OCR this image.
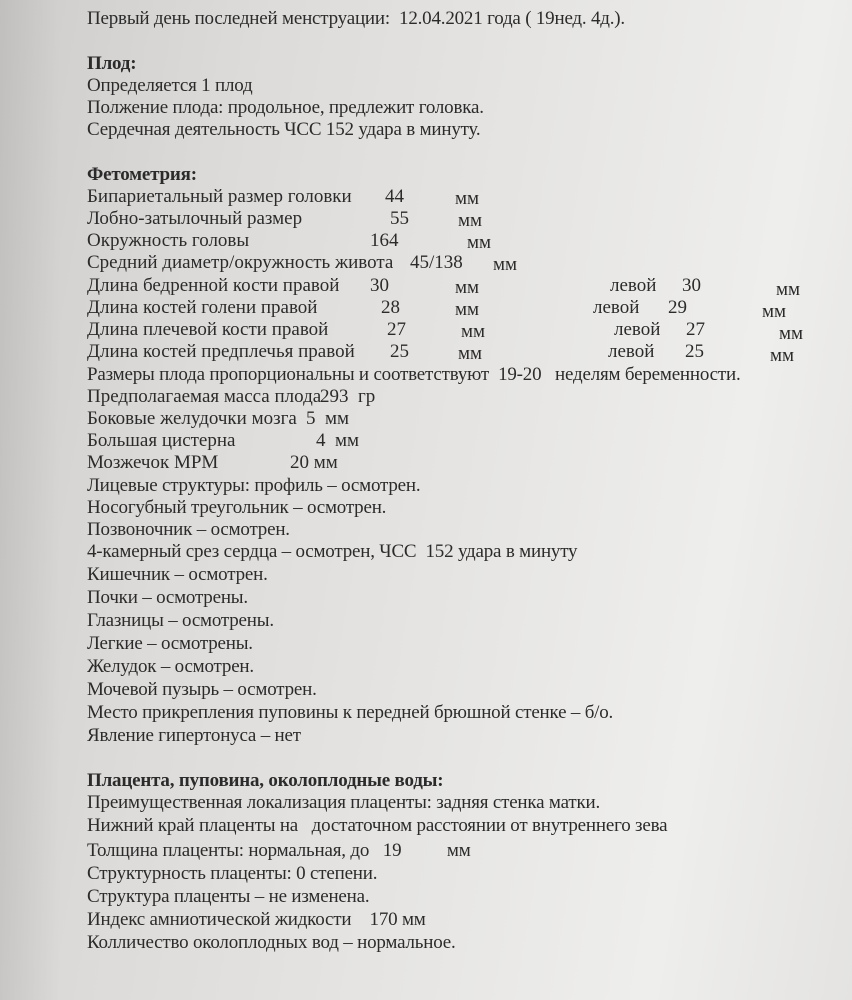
Первый день последней менструации:  12.04.2021 года ( 19нед. 4д.).
Плод:
Определяется 1 плод
Полжение плода: продольное, предлежит головка.
Сердечная деятельность ЧСС 152 удара в минуту.
Фетометрия:
Бипариетальный размер головки 44	мм
Лобно-затылочный размер	55	мм
Окружность головы	164	мм
Средний диаметр/окружность живота 45/138 мм
Длина бедренной кости правой 30	мм	левой 30	мм
Длина костей голени правой	28	мм	левой 29	мм
Длина плечевой кости правой	27	мм	левой 27	мм
Длина костей предплечья правой 25	мм	левой 25	мм
Размеры плода пропорциональны и соответствуют  19-20   неделям беременности.
Предполагаемая масса плода
293  гр
Боковые желудочки мозга 5  мм
Большая цистерна	4  мм
Мозжечок МРМ	20 мм
Лицевые структуры: профиль – осмотрен.
Носогубный треугольник – осмотрен.
Позвоночник – осмотрен.
4-камерный срез сердца – осмотрен, ЧСС  152 удара в минуту
Кишечник – осмотрен.
Почки – осмотрены.
Глазницы – осмотрены.
Легкие – осмотрены.
Желудок – осмотрен.
Мочевой пузырь – осмотрен.
Место прикрепления пуповины к передней брюшной стенке – б/о.
Явление гипертонуса – нет
Плацента, пуповина, околоплодные воды:
Преимущественная локализация плаценты: задняя стенка матки.
Нижний край плаценты на   достаточном расстоянии от внутреннего зева
Толщина плаценты: нормальная, до   19          мм
Структурность плаценты: 0 степени.
Структура плаценты – не изменена.
Индекс амниотической жидкости    170 мм
Колличество околоплодных вод – нормальное.
